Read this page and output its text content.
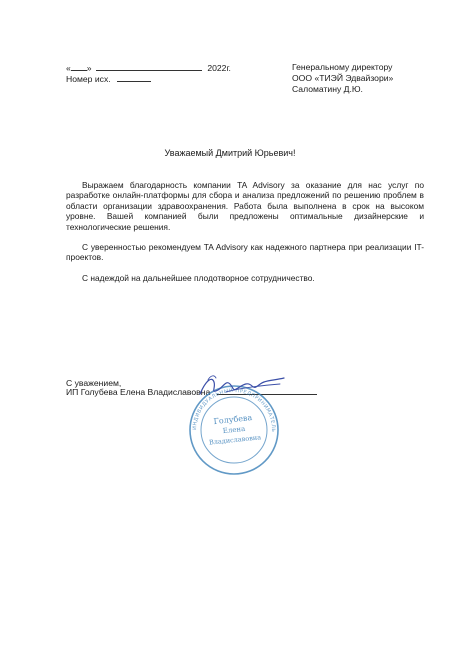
« »	2022г.
Номер исх.
Генеральному директору
ООО «ТИЭЙ Эдвайзори»
Саломатину Д.Ю.
Уважаемый Дмитрий Юрьевич!

Выражаем благодарность компании TA Advisory за оказание для нас услуг по разработке онлайн-платформы для сбора и анализа предложений по решению проблем в области организации здравоохранения. Работа была выполнена в срок на высоком уровне. Вашей компанией были предложены оптимальные дизайнерские и технологические решения.

С уверенностью рекомендуем TA Advisory как надежного партнера при реализации IT-проектов.

С надеждой на дальнейшее плодотворное сотрудничество.

С уважением,
ИП Голубева Елена Владиславовна
ИНДИВИДУАЛЬНЫЙ ПРЕДПРИНИМАТЕЛЬ
Голубева
Елена
Владиславовна
